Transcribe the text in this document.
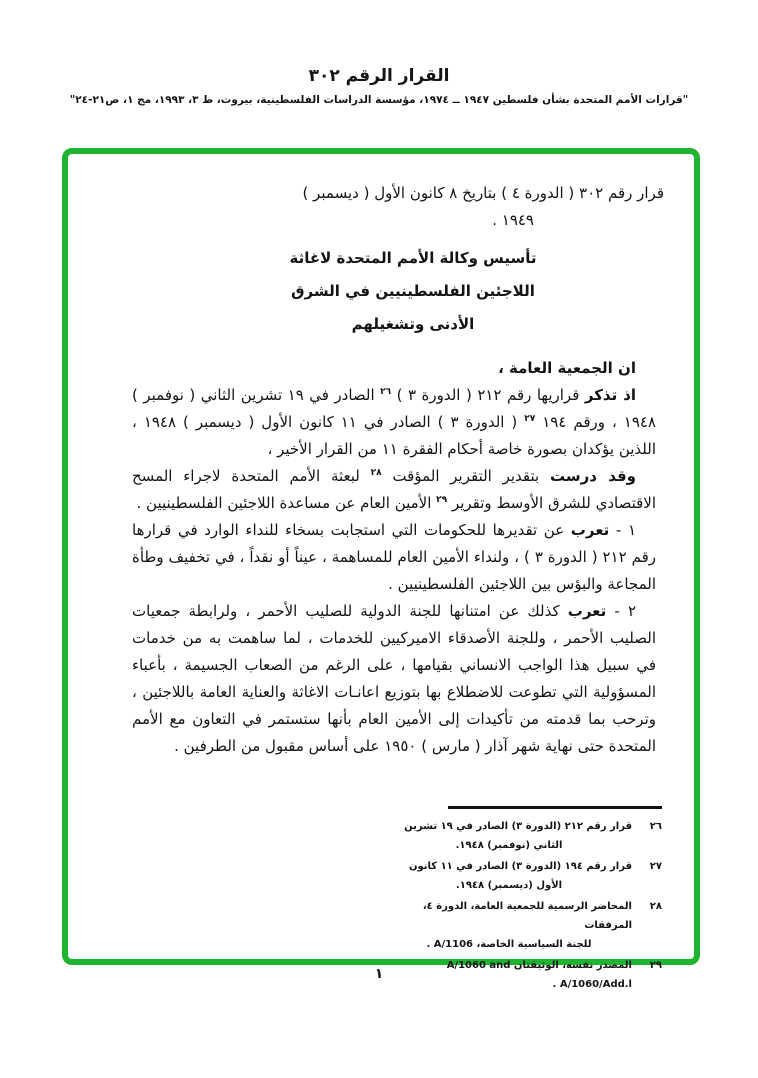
القرار الرقم ٣٠٢

"قرارات الأمم المتحدة بشأن فلسطين ١٩٤٧ ــ ١٩٧٤، مؤسسة الدراسات الفلسطينية، بيروت، ط ٣، ١٩٩٣، مج ١، ص٢١-٢٤"

قرار رقم ٣٠٢ ( الدورة ٤ ) بتاريخ ٨ كانون الأول ( ديسمبر )

١٩٤٩ .

تأسيس وكالة الأمم المتحدة لاغاثة
اللاجئين الفلسطينيين في الشرق
الأدنى وتشغيلهم

ان الجمعية العامة ،

اذ تذكر قراريها رقم ٢١٢ ( الدورة ٣ ) $^{٢٦}$ الصادر في ١٩ تشرين الثاني ( نوفمبر ) ١٩٤٨ ، ورقم ١٩٤ $^{٢٧}$ ( الدورة ٣ ) الصادر في ١١ كانون الأول ( ديسمبر ) ١٩٤٨ ، اللذين يؤكدان بصورة خاصة أحكام الفقرة ١١ من القرار الأخير ،

وقد درست بتقدير التقرير المؤقت $^{٢٨}$ لبعثة الأمم المتحدة لاجراء المسح الاقتصادي للشرق الأوسط وتقرير $^{٢٩}$ الأمين العام عن مساعدة اللاجئين الفلسطينيين .

١ - تعرب عن تقديرها للحكومات التي استجابت بسخاء للنداء الوارد في قرارها رقم ٢١٢ ( الدورة ٣ ) ، ولنداء الأمين العام للمساهمة ، عيناً أو نقداً ، في تخفيف وطأة المجاعة والبؤس بين اللاجئين الفلسطينيين .

٢ - تعرب كذلك عن امتنانها للجنة الدولية للصليب الأحمر ، ولرابطة جمعيات الصليب الأحمر ، وللجنة الأصدقاء الاميركيين للخدمات ، لما ساهمت به من خدمات في سبيل هذا الواجب الانساني بقيامها ، على الرغم من الصعاب الجسيمة ، بأعباء المسؤولية التي تطوعت للاضطلاع بها بتوزيع اعانـات الاغاثة والعناية العامة باللاجئين ، وترحب بما قدمته من تأكيدات إلى الأمين العام بأنها ستستمر في التعاون مع الأمم المتحدة حتى نهاية شهر آذار ( مارس ) ١٩٥٠ على أساس مقبول من الطرفين .

٢٦
قرار رقم ٢١٢ (الدورة ٣) الصادر في ١٩ تشرين
الثاني (نوفمبر) ١٩٤٨.
٢٧
قرار رقم ١٩٤ (الدورة ٣) الصادر في ١١ كانون
الأول (ديسمبر) ١٩٤٨.
٢٨
المحاضر الرسمية للجمعية العامة، الدورة ٤، المرفقات
للجنة السياسية الخاصة، A/1106 .
٢٩
المصدر نفسه، الوثيقتان A/1060 and A/1060/Add.l .
١
